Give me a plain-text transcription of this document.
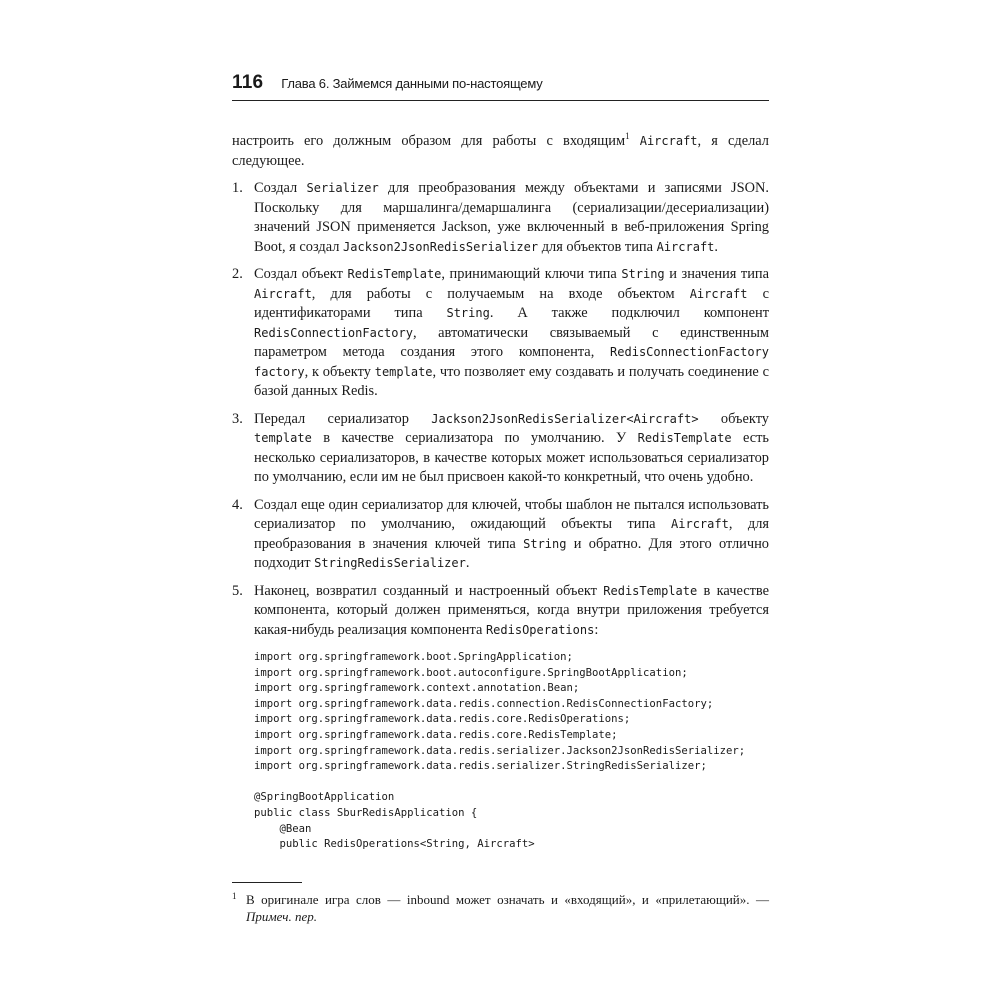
116 Глава 6. Займемся данными по-настоящему

настроить его должным образом для работы с входящим$^1$ Aircraft, я сделал следующее.

1. Создал Serializer для преобразования между объектами и записями JSON. Поскольку для маршалинга/демаршалинга (сериализации/десериализации) значений JSON применяется Jackson, уже включенный в веб-приложения Spring Boot, я создал Jackson2JsonRedisSerializer для объектов типа Aircraft.
2. Создал объект RedisTemplate, принимающий ключи типа String и значения типа Aircraft, для работы с получаемым на входе объектом Aircraft с идентификаторами типа String. А также подключил компонент RedisConnectionFactory, автоматически связываемый с единственным параметром метода создания этого компонента, RedisConnectionFactory factory, к объекту template, что позволяет ему создавать и получать соединение с базой данных Redis.
3. Передал сериализатор Jackson2JsonRedisSerializer<Aircraft> объекту template в качестве сериализатора по умолчанию. У RedisTemplate есть несколько сериализаторов, в качестве которых может использоваться сериализатор по умолчанию, если им не был присвоен какой-то конкретный, что очень удобно.
4. Создал еще один сериализатор для ключей, чтобы шаблон не пытался использовать сериализатор по умолчанию, ожидающий объекты типа Aircraft, для преобразования в значения ключей типа String и обратно. Для этого отлично подходит StringRedisSerializer.
5. Наконец, возвратил созданный и настроенный объект RedisTemplate в качестве компонента, который должен применяться, когда внутри приложения требуется какая-нибудь реализация компонента RedisOperations:
import org.springframework.boot.SpringApplication;
import org.springframework.boot.autoconfigure.SpringBootApplication;
import org.springframework.context.annotation.Bean;
import org.springframework.data.redis.connection.RedisConnectionFactory;
import org.springframework.data.redis.core.RedisOperations;
import org.springframework.data.redis.core.RedisTemplate;
import org.springframework.data.redis.serializer.Jackson2JsonRedisSerializer;
import org.springframework.data.redis.serializer.StringRedisSerializer;

@SpringBootApplication
public class SburRedisApplication {
@Bean
public RedisOperations<String, Aircraft>
1 В оригинале игра слов — inbound может означать и «входящий», и «прилетающий». — Примеч. пер.
